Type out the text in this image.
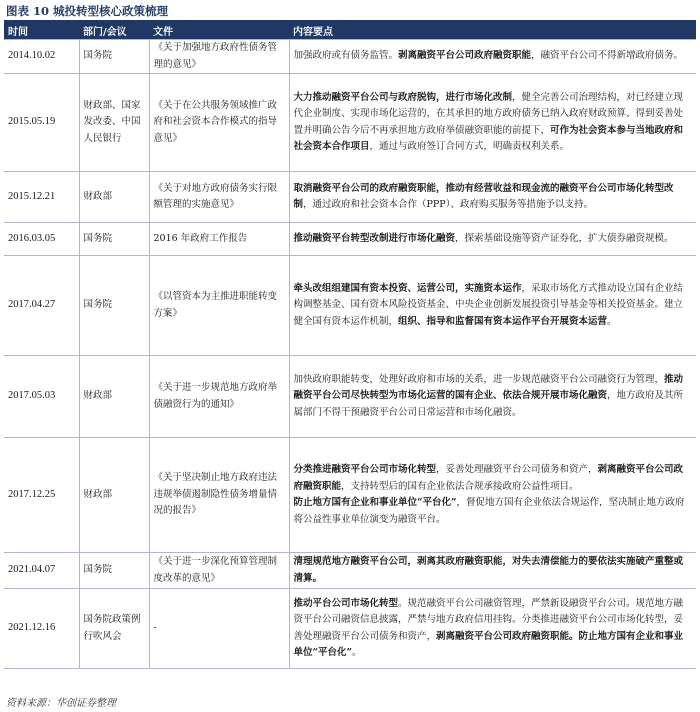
图表 10 城投转型核心政策梳理
时间	部门/会议	文件	内容要点
2014.10.02	国务院	《关于加强地方政府性债务管理的意见》	加强政府或有债务监管。剥离融资平台公司政府融资职能，融资平台公司不得新增政府债务。
2015.05.19	财政部、国家发改委、中国人民银行	《关于在公共服务领域推广政府和社会资本合作模式的指导意见》	大力推动融资平台公司与政府脱钩，进行市场化改制，健全完善公司治理结构，对已经建立现代企业制度、实现市场化运营的，在其承担的地方政府债务已纳入政府财政预算、得到妥善处置并明确公告今后不再承担地方政府举债融资职能的前提下，可作为社会资本参与当地政府和社会资本合作项目，通过与政府签订合同方式，明确责权利关系。
2015.12.21	财政部	《关于对地方政府债务实行限额管理的实施意见》	取消融资平台公司的政府融资职能，推动有经营收益和现金流的融资平台公司市场化转型改制，通过政府和社会资本合作（PPP）、政府购买服务等措施予以支持。
2016.03.05	国务院	2016 年政府工作报告	推动融资平台转型改制进行市场化融资，探索基础设施等资产证券化，扩大债券融资规模。
2017.04.27	国务院	《以管资本为主推进职能转变方案》	牵头改组组建国有资本投资、运营公司，实施资本运作，采取市场化方式推动设立国有企业结构调整基金、国有资本风险投资基金、中央企业创新发展投资引导基金等相关投资基金。建立健全国有资本运作机制，组织、指导和监督国有资本运作平台开展资本运营。
2017.05.03	财政部	《关于进一步规范地方政府举债融资行为的通知》	加快政府职能转变，处理好政府和市场的关系，进一步规范融资平台公司融资行为管理，推动融资平台公司尽快转型为市场化运营的国有企业、依法合规开展市场化融资，地方政府及其所属部门不得干预融资平台公司日常运营和市场化融资。
2017.12.25	财政部	《关于坚决制止地方政府违法违规举债遏制隐性债务增量情况的报告》	分类推进融资平台公司市场化转型，妥善处理融资平台公司债务和资产，剥离融资平台公司政府融资职能，支持转型后的国有企业依法合规承接政府公益性项目。
防止地方国有企业和事业单位“平台化”，督促地方国有企业依法合规运作，坚决制止地方政府将公益性事业单位演变为融资平台。
2021.04.07	国务院	《关于进一步深化预算管理制度改革的意见》	清理规范地方融资平台公司，剥离其政府融资职能，对失去清偿能力的要依法实施破产重整或清算。
2021.12.16	国务院政策例行吹风会	-	推动平台公司市场化转型。规范融资平台公司融资管理，严禁新设融资平台公司。规范地方融资平台公司融资信息披露，严禁与地方政府信用挂钩。分类推进融资平台公司市场化转型，妥善处理融资平台公司债务和资产，剥离融资平台公司政府融资职能。防止地方国有企业和事业单位“平台化”。
资料来源：华创证券整理
